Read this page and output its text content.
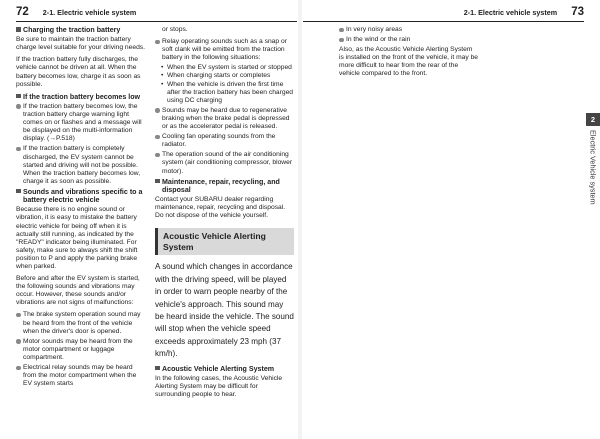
72 2-1. Electric vehicle system
Charging the traction battery

Be sure to maintain the traction battery charge level suitable for your driving needs.

If the traction battery fully discharges, the vehicle cannot be driven at all. When the battery becomes low, charge it as soon as possible.

If the traction battery becomes low
If the traction battery becomes low, the traction battery charge warning light comes on or flashes and a message will be displayed on the multi-information display. (→P.518)
If the traction battery is completely discharged, the EV system cannot be started and driving will not be possible. When the traction battery becomes low, charge it as soon as possible.
Sounds and vibrations specific to a battery electric vehicle

Because there is no engine sound or vibration, it is easy to mistake the battery electric vehicle for being off when it is actually still running, as indicated by the "READY" indicator being illuminated. For safety, make sure to always shift the shift position to P and apply the parking brake when parked.

Before and after the EV system is started, the following sounds and vibrations may occur. However, these sounds and/or vibrations are not signs of malfunctions:

The brake system operation sound may be heard from the front of the vehicle when the driver's door is opened.
Motor sounds may be heard from the motor compartment or luggage compartment.
Electrical relay sounds may be heard from the motor compartment when the EV system starts

or stops.

Relay operating sounds such as a snap or soft clank will be emitted from the traction battery in the following situations:
• When the EV system is started or stopped
• When charging starts or completes
• When the vehicle is driven the first time after the traction battery has been charged using DC charging
Sounds may be heard due to regenerative braking when the brake pedal is depressed or as the accelerator pedal is released.
Cooling fan operating sounds from the radiator.
The operation sound of the air conditioning system (air conditioning compressor, blower motor).
Maintenance, repair, recycling, and disposal

Contact your SUBARU dealer regarding maintenance, repair, recycling and disposal. Do not dispose of the vehicle yourself.

Acoustic Vehicle Alerting System

A sound which changes in accordance with the driving speed, will be played in order to warn people nearby of the vehicle's approach. This sound may be heard inside the vehicle. The sound will stop when the vehicle speed exceeds approximately 23 mph (37 km/h).

Acoustic Vehicle Alerting System

In the following cases, the Acoustic Vehicle Alerting System may be difficult for surrounding people to hear.

2-1. Electric vehicle system 73
In very noisy areas
In the wind or the rain

Also, as the Acoustic Vehicle Alerting System is installed on the front of the vehicle, it may be more difficult to hear from the rear of the vehicle compared to the front.

2
Electric Vehicle system
